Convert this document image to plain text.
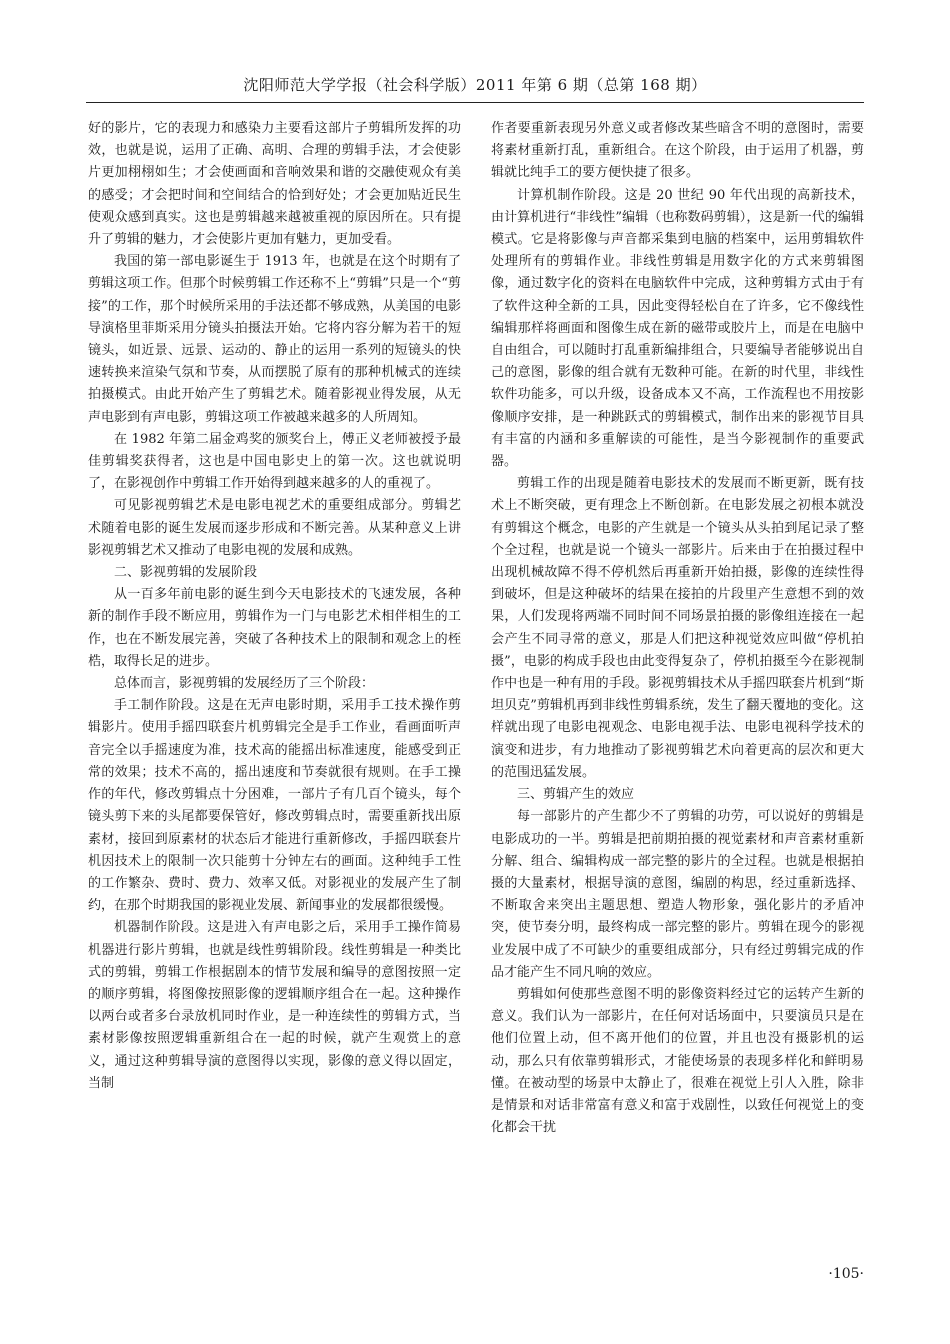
沈阳师范大学学报（社会科学版）2011 年第 6 期（总第 168 期）

好的影片，它的表现力和感染力主要看这部片子剪辑所发挥的功效，也就是说，运用了正确、高明、合理的剪辑手法，才会使影片更加栩栩如生；才会使画面和音响效果和谐的交融使观众有美的感受；才会把时间和空间结合的恰到好处；才会更加贴近民生使观众感到真实。这也是剪辑越来越被重视的原因所在。只有提升了剪辑的魅力，才会使影片更加有魅力，更加受看。

我国的第一部电影诞生于 1913 年，也就是在这个时期有了剪辑这项工作。但那个时候剪辑工作还称不上“剪辑”只是一个“剪接”的工作，那个时候所采用的手法还都不够成熟，从美国的电影导演格里菲斯采用分镜头拍摄法开始。它将内容分解为若干的短镜头，如近景、远景、运动的、静止的运用一系列的短镜头的快速转换来渲染气氛和节奏，从而摆脱了原有的那种机械式的连续拍摄模式。由此开始产生了剪辑艺术。随着影视业得发展，从无声电影到有声电影，剪辑这项工作被越来越多的人所周知。

在 1982 年第二届金鸡奖的颁奖台上，傅正义老师被授予最佳剪辑奖获得者，这也是中国电影史上的第一次。这也就说明了，在影视创作中剪辑工作开始得到越来越多的人的重视了。

可见影视剪辑艺术是电影电视艺术的重要组成部分。剪辑艺术随着电影的诞生发展而逐步形成和不断完善。从某种意义上讲影视剪辑艺术又推动了电影电视的发展和成熟。

二、影视剪辑的发展阶段

从一百多年前电影的诞生到今天电影技术的飞速发展，各种新的制作手段不断应用，剪辑作为一门与电影艺术相伴相生的工作，也在不断发展完善，突破了各种技术上的限制和观念上的桎梏，取得长足的进步。

总体而言，影视剪辑的发展经历了三个阶段：

手工制作阶段。这是在无声电影时期，采用手工技术操作剪辑影片。使用手摇四联套片机剪辑完全是手工作业，看画面听声音完全以手摇速度为准，技术高的能摇出标准速度，能感受到正常的效果；技术不高的，摇出速度和节奏就很有规则。在手工操作的年代，修改剪辑点十分困难，一部片子有几百个镜头，每个镜头剪下来的头尾都要保管好，修改剪辑点时，需要重新找出原素材，接回到原素材的状态后才能进行重新修改，手摇四联套片机因技术上的限制一次只能剪十分钟左右的画面。这种纯手工性的工作繁杂、费时、费力、效率又低。对影视业的发展产生了制约，在那个时期我国的影视业发展、新闻事业的发展都很缓慢。

机器制作阶段。这是进入有声电影之后，采用手工操作简易机器进行影片剪辑，也就是线性剪辑阶段。线性剪辑是一种类比式的剪辑，剪辑工作根据剧本的情节发展和编导的意图按照一定的顺序剪辑，将图像按照影像的逻辑顺序组合在一起。这种操作以两台或者多台录放机同时作业，是一种连续性的剪辑方式，当素材影像按照逻辑重新组合在一起的时候，就产生观赏上的意义，通过这种剪辑导演的意图得以实现，影像的意义得以固定，当制

作者要重新表现另外意义或者修改某些暗含不明的意图时，需要将素材重新打乱，重新组合。在这个阶段，由于运用了机器，剪辑就比纯手工的要方便快捷了很多。

计算机制作阶段。这是 20 世纪 90 年代出现的高新技术，由计算机进行“非线性”编辑（也称数码剪辑），这是新一代的编辑模式。它是将影像与声音都采集到电脑的档案中，运用剪辑软件处理所有的剪辑作业。非线性剪辑是用数字化的方式来剪辑图像，通过数字化的资料在电脑软件中完成，这种剪辑方式由于有了软件这种全新的工具，因此变得轻松自在了许多，它不像线性编辑那样将画面和图像生成在新的磁带或胶片上，而是在电脑中自由组合，可以随时打乱重新编排组合，只要编导者能够说出自己的意图，影像的组合就有无数种可能。在新的时代里，非线性软件功能多，可以升级，设备成本又不高，工作流程也不用按影像顺序安排，是一种跳跃式的剪辑模式，制作出来的影视节目具有丰富的内涵和多重解读的可能性，是当今影视制作的重要武器。

剪辑工作的出现是随着电影技术的发展而不断更新，既有技术上不断突破，更有理念上不断创新。在电影发展之初根本就没有剪辑这个概念，电影的产生就是一个镜头从头拍到尾记录了整个全过程，也就是说一个镜头一部影片。后来由于在拍摄过程中出现机械故障不得不停机然后再重新开始拍摄，影像的连续性得到破坏，但是这种破坏的结果在接拍的片段里产生意想不到的效果，人们发现将两端不同时间不同场景拍摄的影像组连接在一起会产生不同寻常的意义，那是人们把这种视觉效应叫做“停机拍摄”，电影的构成手段也由此变得复杂了，停机拍摄至今在影视制作中也是一种有用的手段。影视剪辑技术从手摇四联套片机到“斯坦贝克”剪辑机再到非线性剪辑系统，发生了翻天覆地的变化。这样就出现了电影电视观念、电影电视手法、电影电视科学技术的演变和进步，有力地推动了影视剪辑艺术向着更高的层次和更大的范围迅猛发展。

三、剪辑产生的效应

每一部影片的产生都少不了剪辑的功劳，可以说好的剪辑是电影成功的一半。剪辑是把前期拍摄的视觉素材和声音素材重新分解、组合、编辑构成一部完整的影片的全过程。也就是根据拍摄的大量素材，根据导演的意图，编剧的构思，经过重新选择、不断取舍来突出主题思想、塑造人物形象，强化影片的矛盾冲突，使节奏分明，最终构成一部完整的影片。剪辑在现今的影视业发展中成了不可缺少的重要组成部分，只有经过剪辑完成的作品才能产生不同凡响的效应。

剪辑如何使那些意图不明的影像资料经过它的运转产生新的意义。我们认为一部影片，在任何对话场面中，只要演员只是在他们位置上动，但不离开他们的位置，并且也没有摄影机的运动，那么只有依靠剪辑形式，才能使场景的表现多样化和鲜明易懂。在被动型的场景中太静止了，很难在视觉上引人入胜，除非是情景和对话非常富有意义和富于戏剧性，以致任何视觉上的变化都会干扰

·105·
